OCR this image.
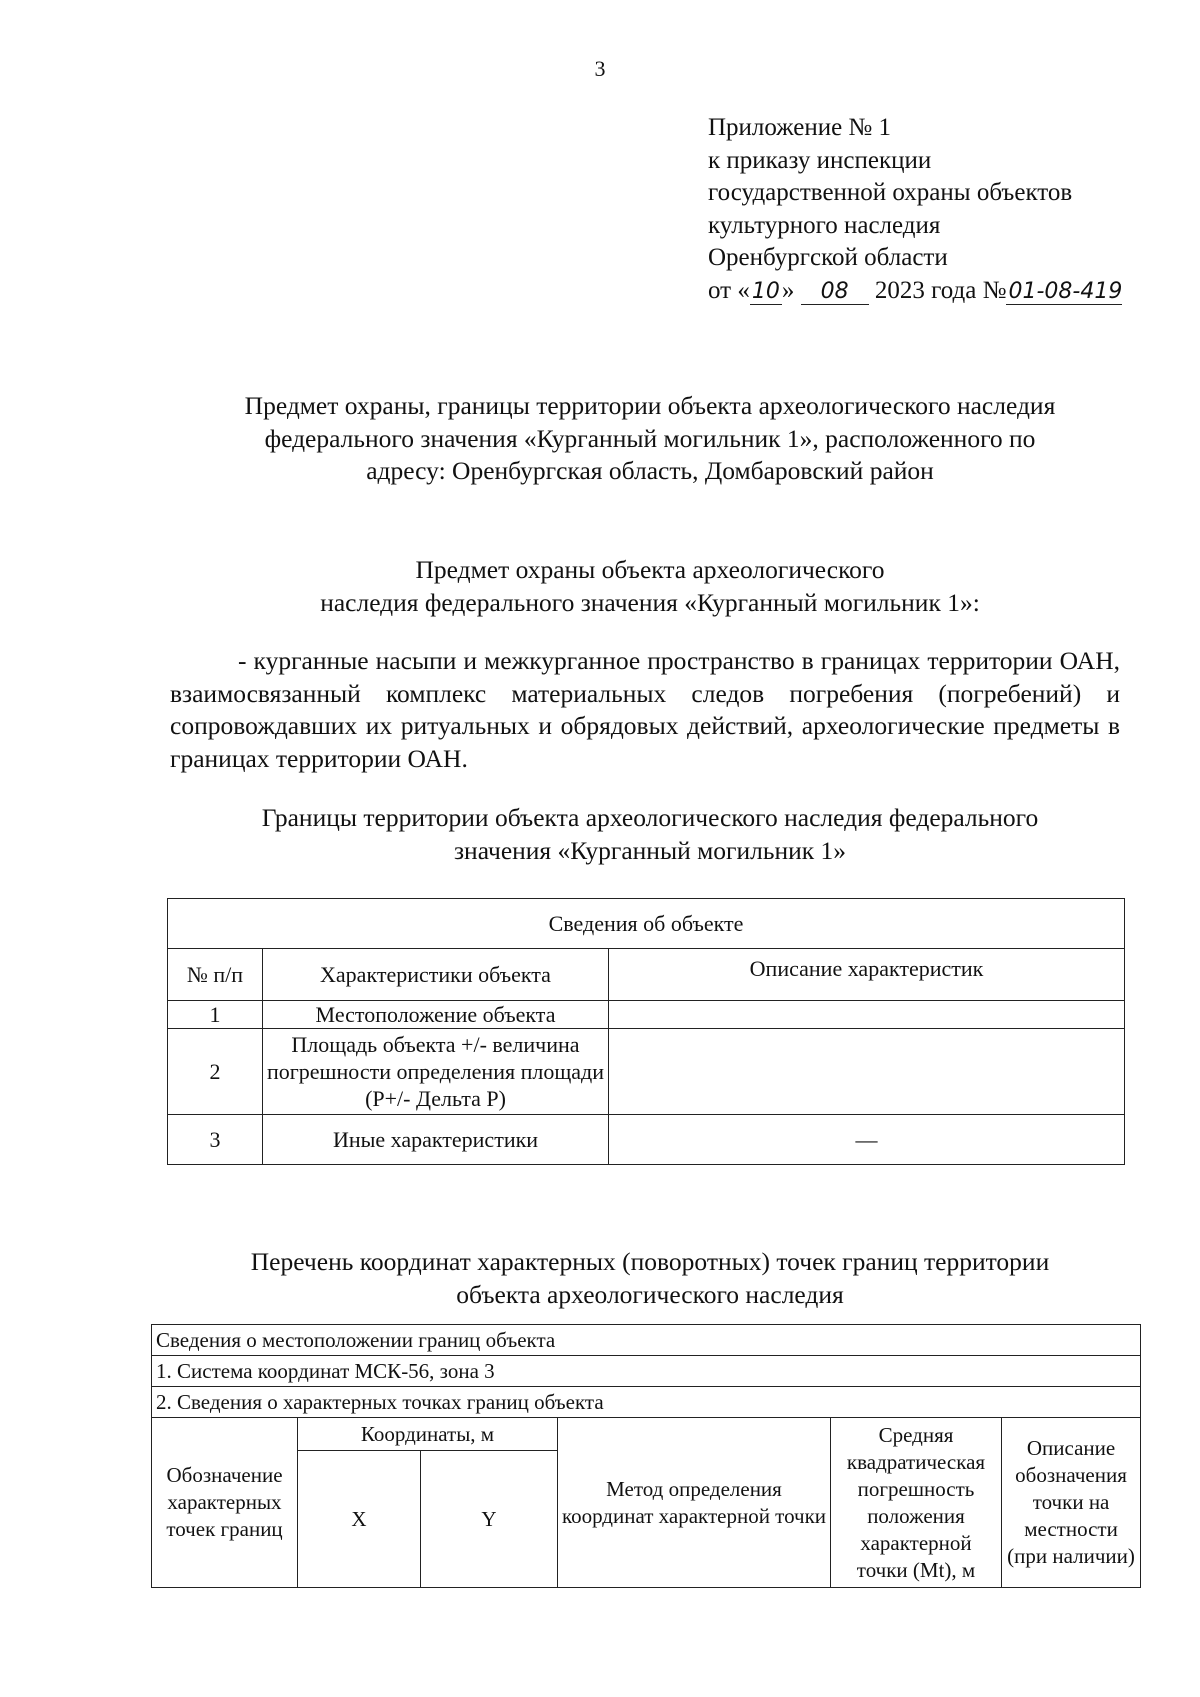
3
Приложение № 1
к приказу инспекции
государственной охраны объектов
культурного наследия
Оренбургской области
от «10» 08 2023 года №01-08-419
Предмет охраны, границы территории объекта археологического наследия
федерального значения «Курганный могильник 1», расположенного по
адресу: Оренбургская область, Домбаровский район
Предмет охраны объекта археологического
наследия федерального значения «Курганный могильник 1»:
- курганные насыпи и межкурганное пространство в границах территории ОАН, взаимосвязанный комплекс материальных следов погребения (погребений) и сопровождавших их ритуальных и обрядовых действий, археологические предметы в границах территории ОАН.
Границы территории объекта археологического наследия федерального
значения «Курганный могильник 1»
Сведения об объекте		
№ п/п	Характеристики объекта	Описание характеристик
1	Местоположение объекта	
2	Площадь объекта +/- величина погрешности определения площади (Р+/- Дельта Р)	
3	Иные характеристики	—
Перечень координат характерных (поворотных) точек границ территории
объекта археологического наследия
Сведения о местоположении границ объекта					
1. Система координат МСК-56, зона 3					
2. Сведения о характерных точках границ объекта					
Обозначение характерных точек границ	Координаты, м		Метод определения координат характерной точки	Средняя квадратическая погрешность положения характерной точки (Mt), м	Описание обозначения точки на местности (при наличии)
	X	Y			
